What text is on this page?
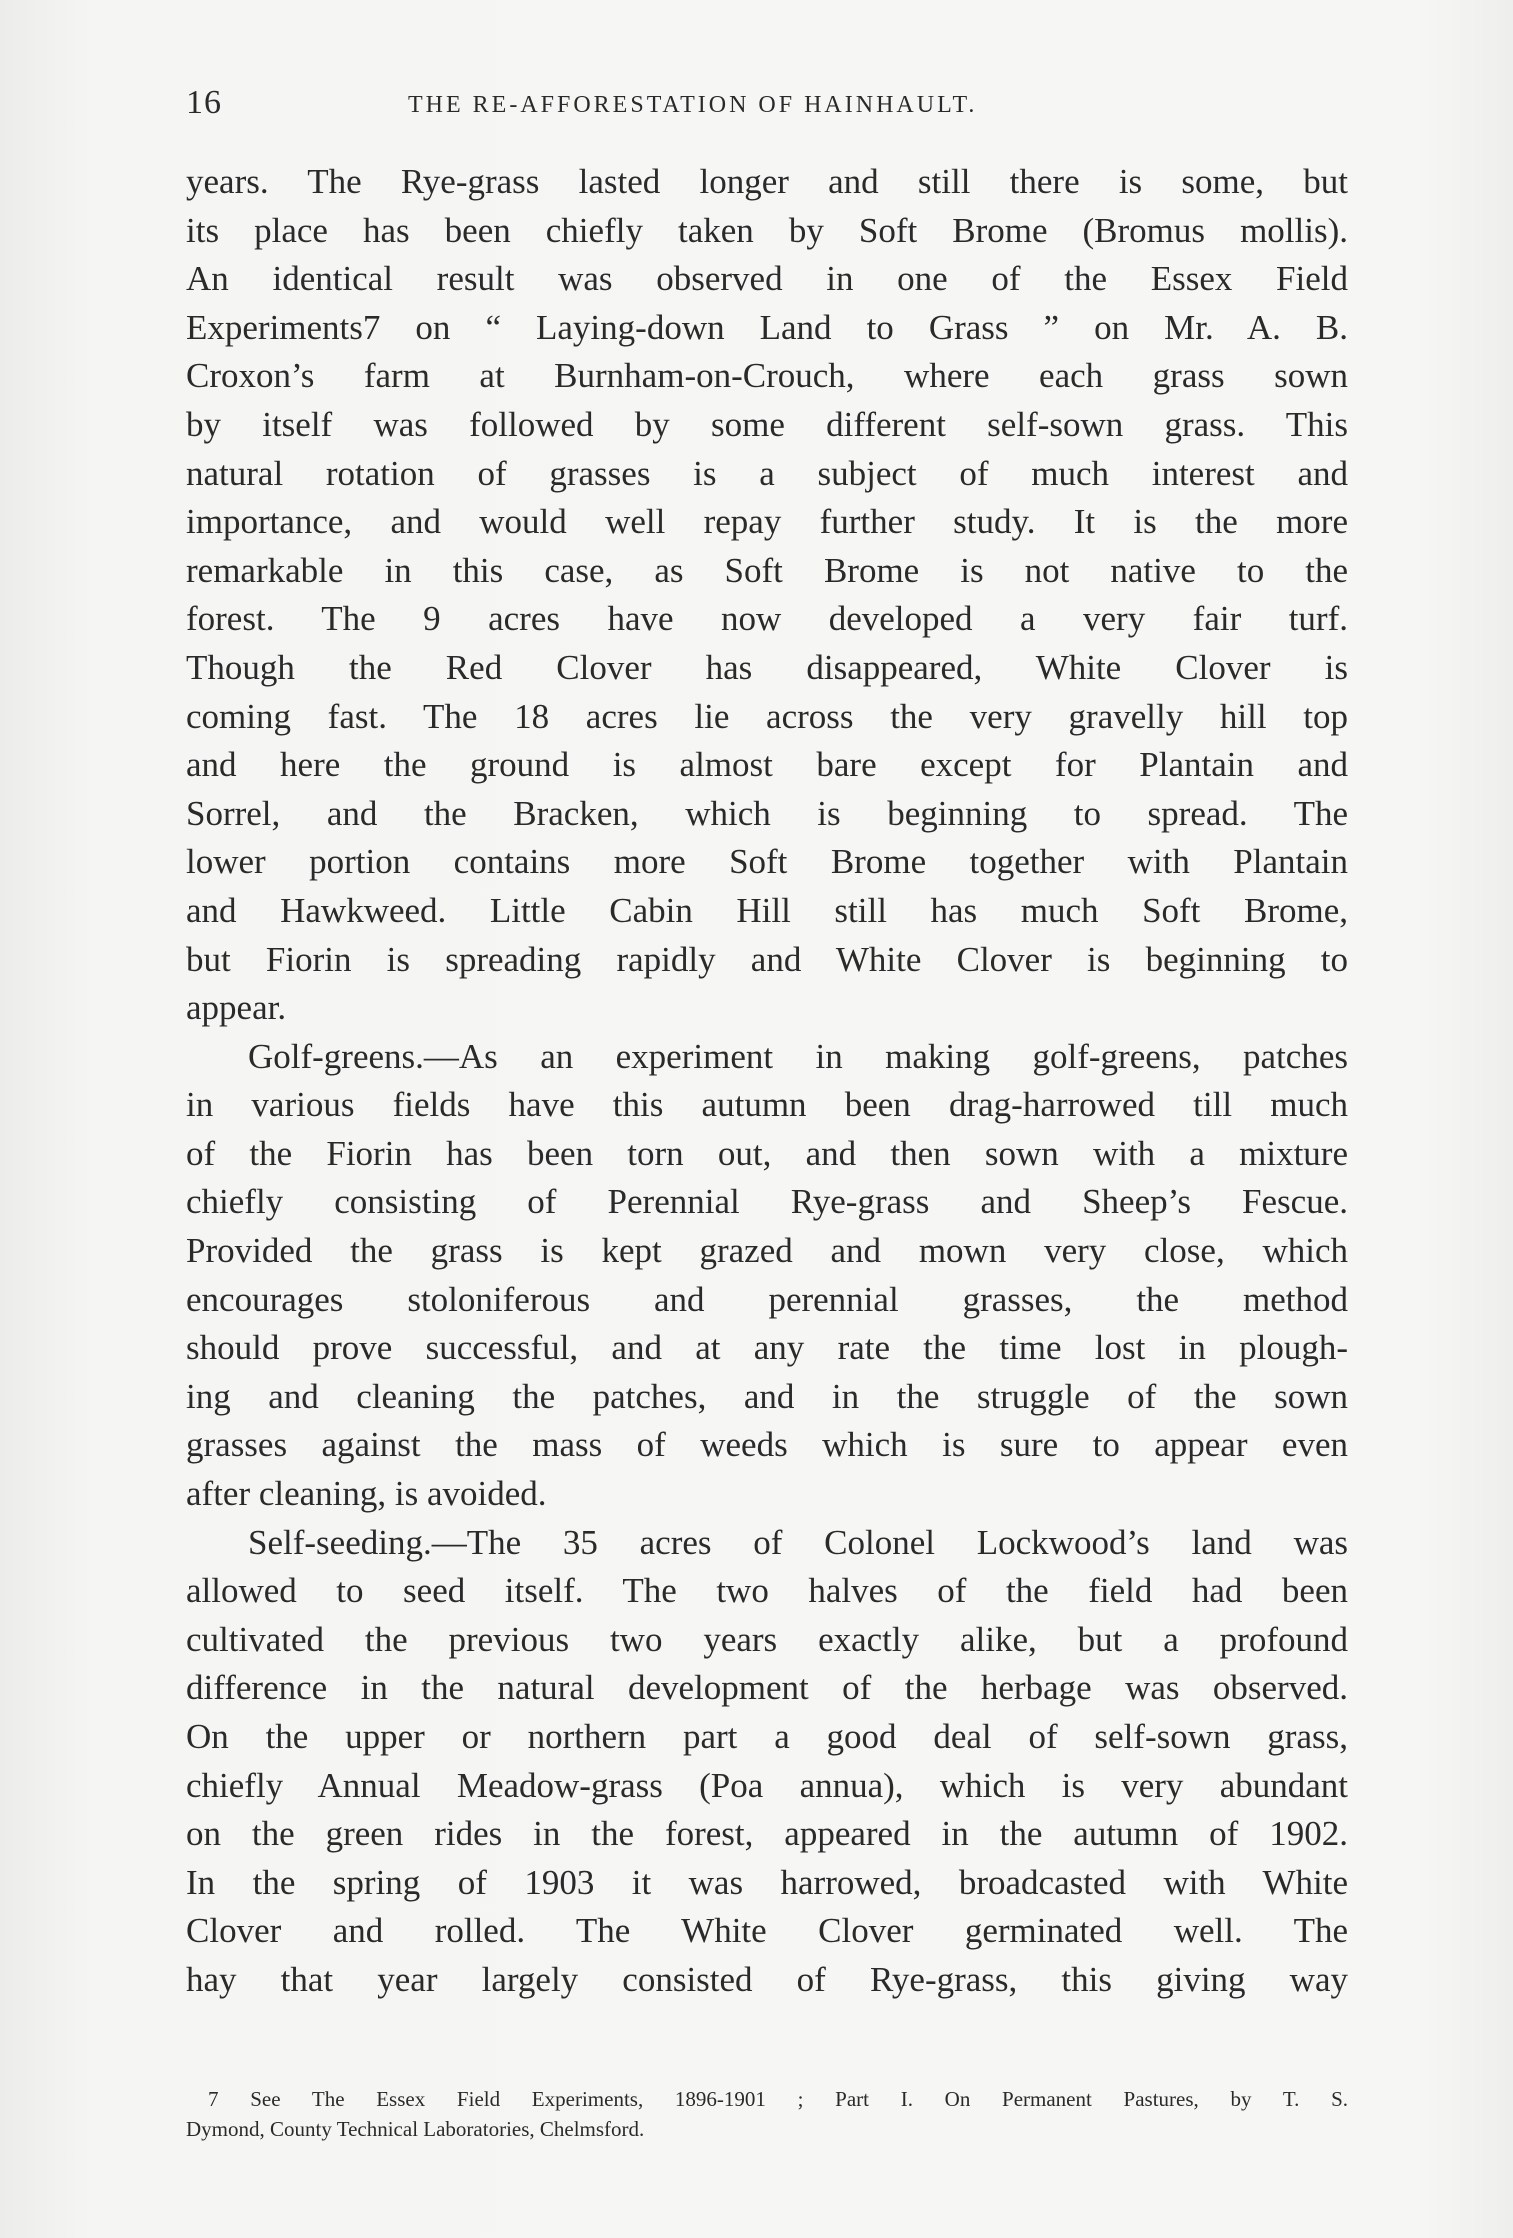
16	THE RE-AFFORESTATION OF HAINHAULT.
years. The Rye-grass lasted longer and still there is some, but
its place has been chiefly taken by Soft Brome (Bromus mollis).
An identical result was observed in one of the Essex Field
Experiments7 on “ Laying-down Land to Grass ” on Mr. A. B.
Croxon’s farm at Burnham-on-Crouch, where each grass sown
by itself was followed by some different self-sown grass. This
natural rotation of grasses is a subject of much interest and
importance, and would well repay further study. It is the more
remarkable in this case, as Soft Brome is not native to the
forest. The 9 acres have now developed a very fair turf.
Though the Red Clover has disappeared, White Clover is
coming fast. The 18 acres lie across the very gravelly hill top
and here the ground is almost bare except for Plantain and
Sorrel, and the Bracken, which is beginning to spread. The
lower portion contains more Soft Brome together with Plantain
and Hawkweed. Little Cabin Hill still has much Soft Brome,
but Fiorin is spreading rapidly and White Clover is beginning to
appear.
Golf-greens.—As an experiment in making golf-greens, patches
in various fields have this autumn been drag-harrowed till much
of the Fiorin has been torn out, and then sown with a mixture
chiefly consisting of Perennial Rye-grass and Sheep’s Fescue.
Provided the grass is kept grazed and mown very close, which
encourages stoloniferous and perennial grasses, the method
should prove successful, and at any rate the time lost in plough-
ing and cleaning the patches, and in the struggle of the sown
grasses against the mass of weeds which is sure to appear even
after cleaning, is avoided.
Self-seeding.—The 35 acres of Colonel Lockwood’s land was
allowed to seed itself. The two halves of the field had been
cultivated the previous two years exactly alike, but a profound
difference in the natural development of the herbage was observed.
On the upper or northern part a good deal of self-sown grass,
chiefly Annual Meadow-grass (Poa annua), which is very abundant
on the green rides in the forest, appeared in the autumn of 1902.
In the spring of 1903 it was harrowed, broadcasted with White
Clover and rolled. The White Clover germinated well. The
hay that year largely consisted of Rye-grass, this giving way
7 See The Essex Field Experiments, 1896-1901 ; Part I. On Permanent Pastures, by T. S.
Dymond, County Technical Laboratories, Chelmsford.
